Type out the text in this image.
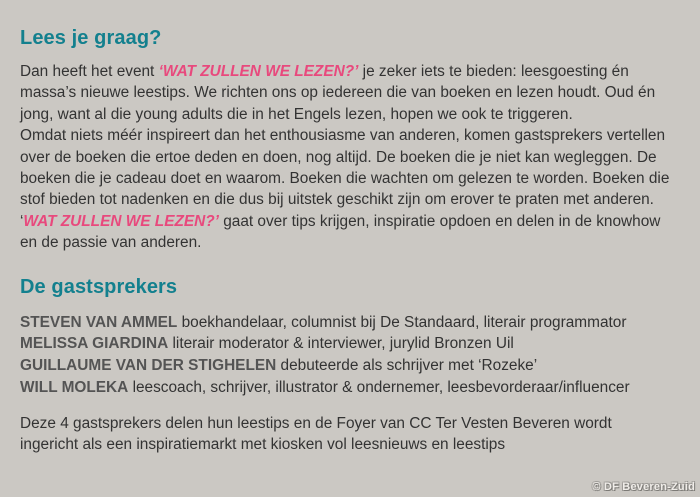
Lees je graag?

Dan heeft het event ‘WAT ZULLEN WE LEZEN?’ je zeker iets te bieden: leesgoesting én massa’s nieuwe leestips. We richten ons op iedereen die van boeken en lezen houdt. Oud én jong, want al die young adults die in het Engels lezen, hopen we ook te triggeren.

Omdat niets méér inspireert dan het enthousiasme van anderen, komen gastsprekers vertellen over de boeken die ertoe deden en doen, nog altijd. De boeken die je niet kan wegleggen. De boeken die je cadeau doet en waarom. Boeken die wachten om gelezen te worden. Boeken die stof bieden tot nadenken en die dus bij uitstek geschikt zijn om erover te praten met anderen.

‘WAT ZULLEN WE LEZEN?’ gaat over tips krijgen, inspiratie opdoen en delen in de knowhow en de passie van anderen.

De gastsprekers

STEVEN VAN AMMEL boekhandelaar, columnist bij De Standaard, literair programmator

MELISSA GIARDINA literair moderator & interviewer, jurylid Bronzen Uil

GUILLAUME VAN DER STIGHELEN debuteerde als schrijver met ‘Rozeke’

WILL MOLEKA leescoach, schrijver, illustrator & ondernemer, leesbevorderaar/influencer

Deze 4 gastsprekers delen hun leestips en de Foyer van CC Ter Vesten Beveren wordt ingericht als een inspiratiemarkt met kiosken vol leesnieuws en leestips

© DF Beveren-Zuid
